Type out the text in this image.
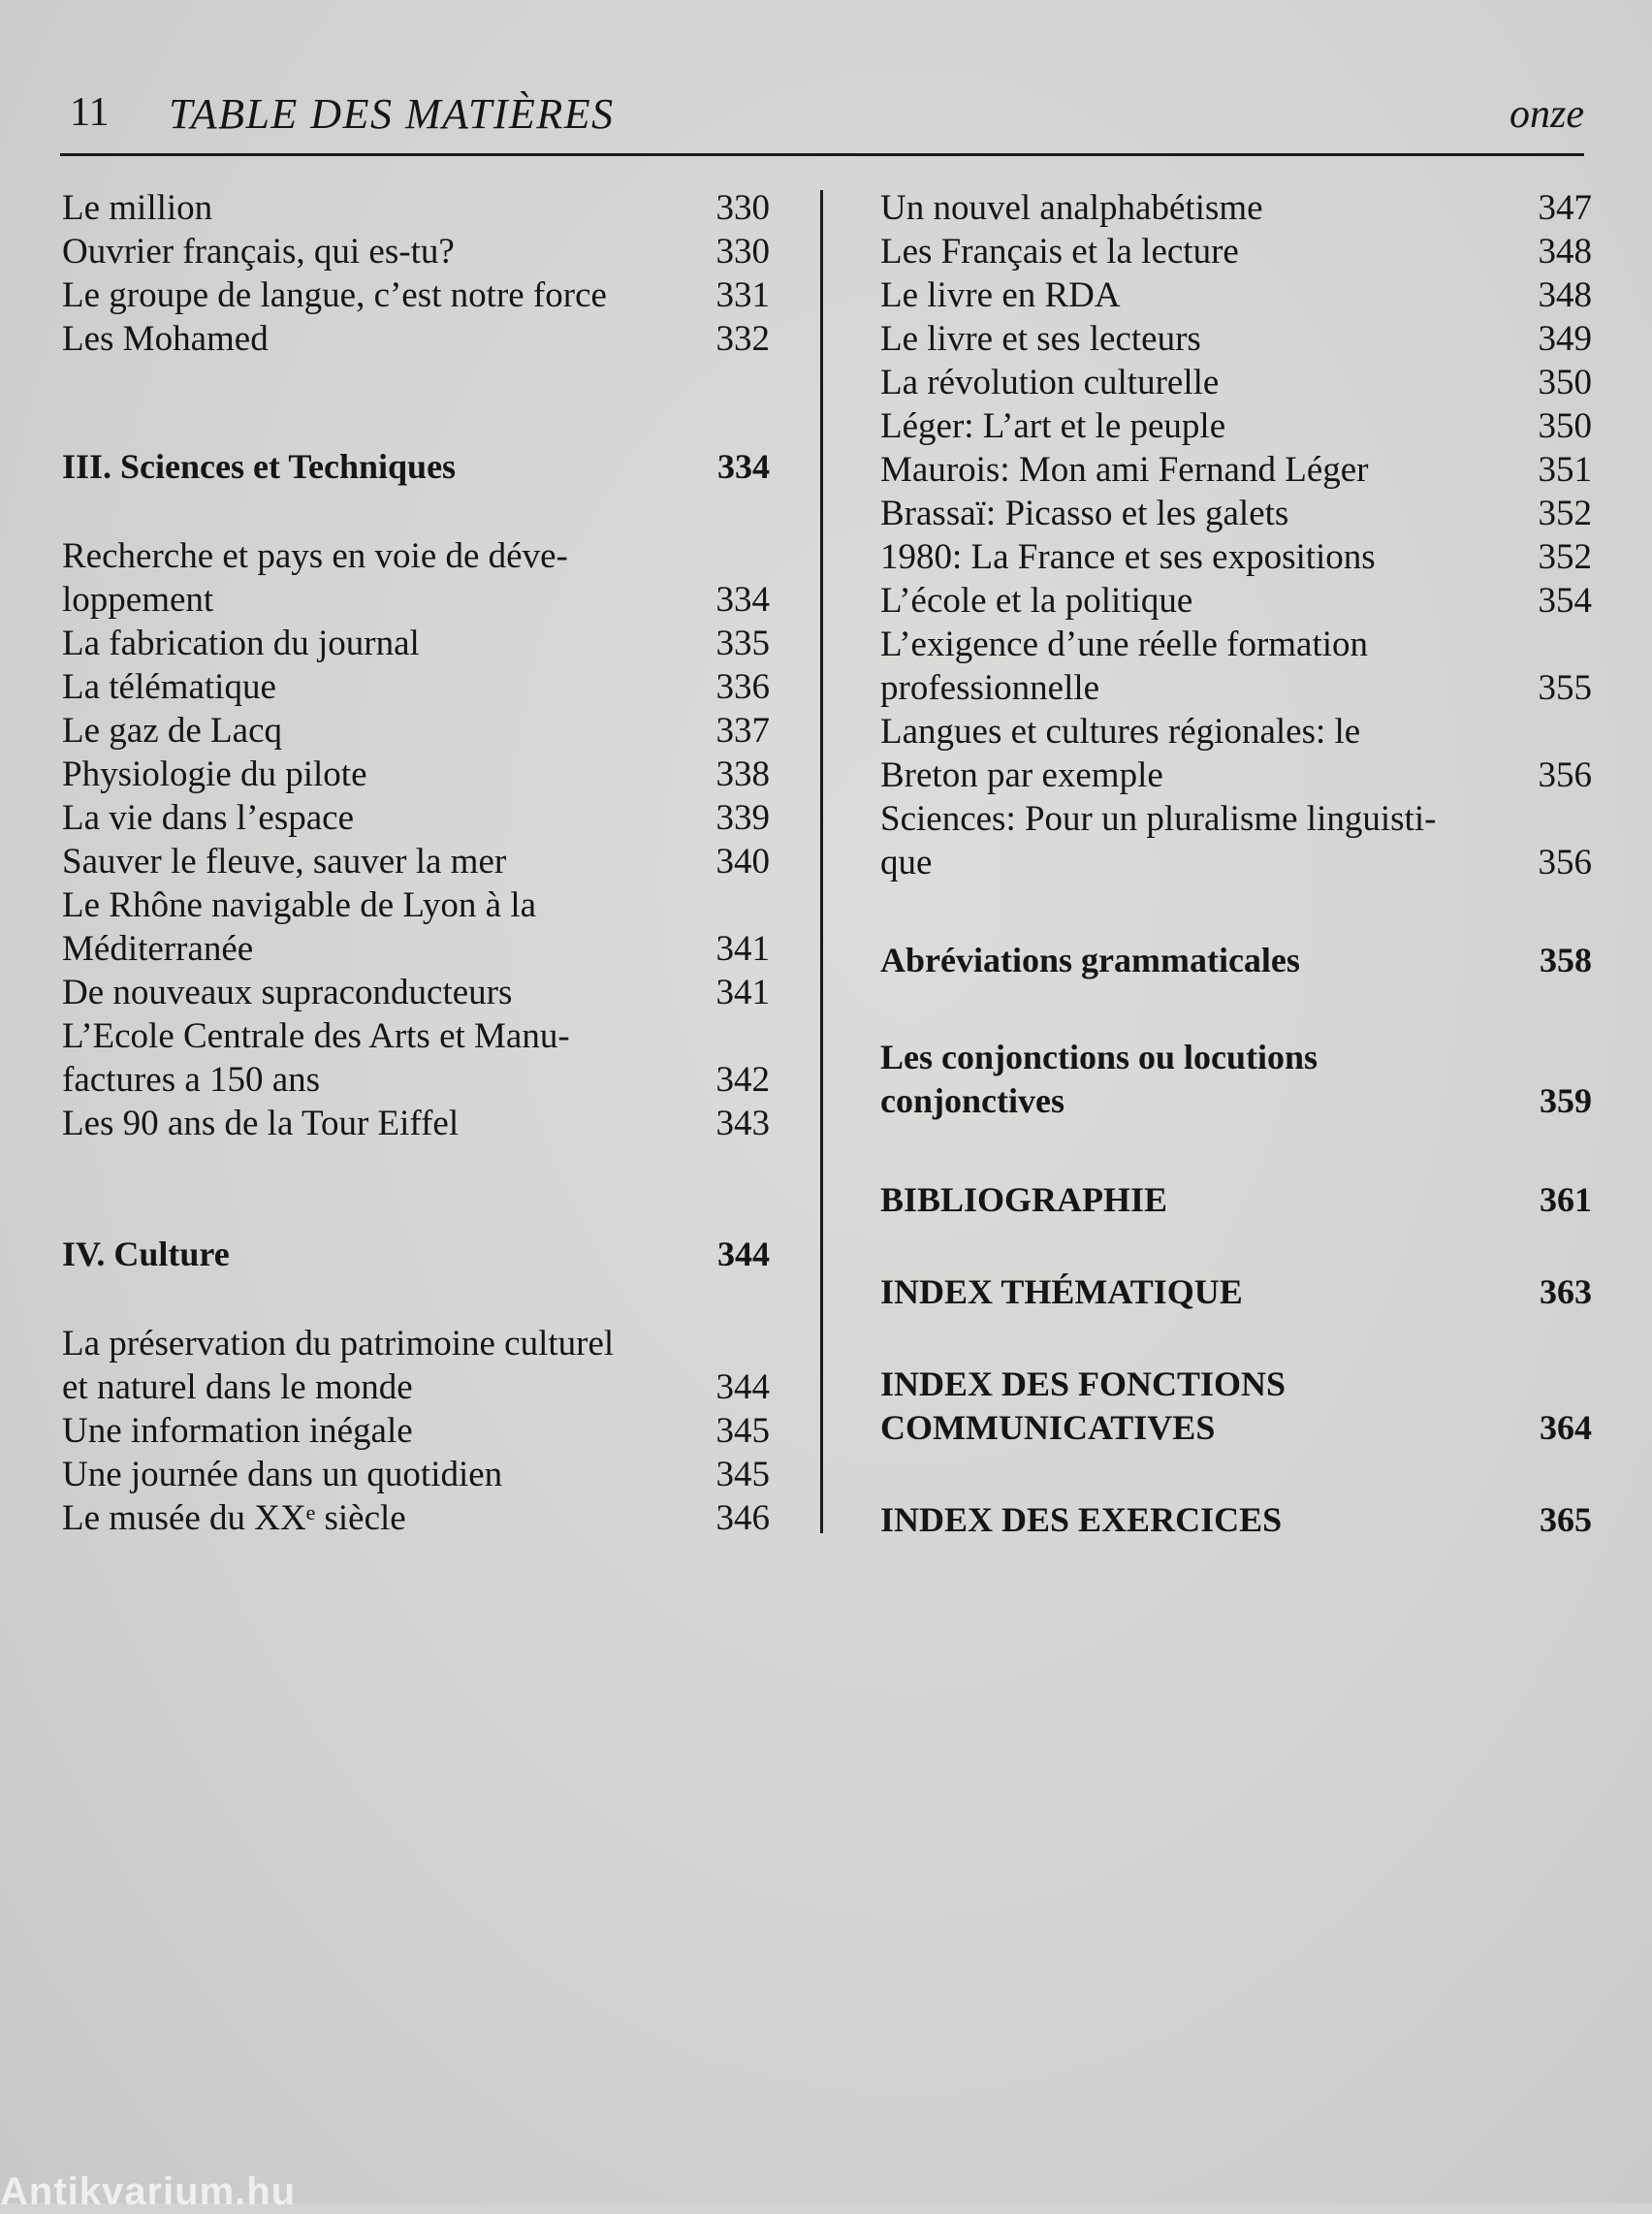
11 TABLE DES MATIÈRES	onze
Le million	330
Ouvrier français, qui es-tu?	330
Le groupe de langue, c’est notre force	331
Les Mohamed	332
III. Sciences et Techniques	334
Recherche et pays en voie de déve-
loppement	334
La fabrication du journal	335
La télématique	336
Le gaz de Lacq	337
Physiologie du pilote	338
La vie dans l’espace	339
Sauver le fleuve, sauver la mer	340
Le Rhône navigable de Lyon à la
Méditerranée	341
De nouveaux supraconducteurs	341
L’Ecole Centrale des Arts et Manu-
factures a 150 ans	342
Les 90 ans de la Tour Eiffel	343
IV. Culture	344
La préservation du patrimoine culturel
et naturel dans le monde	344
Une information inégale	345
Une journée dans un quotidien	345
Le musée du XXᵉ siècle	346
Un nouvel analphabétisme	347
Les Français et la lecture	348
Le livre en RDA	348
Le livre et ses lecteurs	349
La révolution culturelle	350
Léger: L’art et le peuple	350
Maurois: Mon ami Fernand Léger	351
Brassaï: Picasso et les galets	352
1980: La France et ses expositions	352
L’école et la politique	354
L’exigence d’une réelle formation
professionnelle	355
Langues et cultures régionales: le
Breton par exemple	356
Sciences: Pour un pluralisme linguisti-
que	356
Abréviations grammaticales	358
Les conjonctions ou locutions
conjonctives	359
BIBLIOGRAPHIE	361
INDEX THÉMATIQUE	363
INDEX DES FONCTIONS
COMMUNICATIVES	364
INDEX DES EXERCICES	365
Antikvarium.hu
